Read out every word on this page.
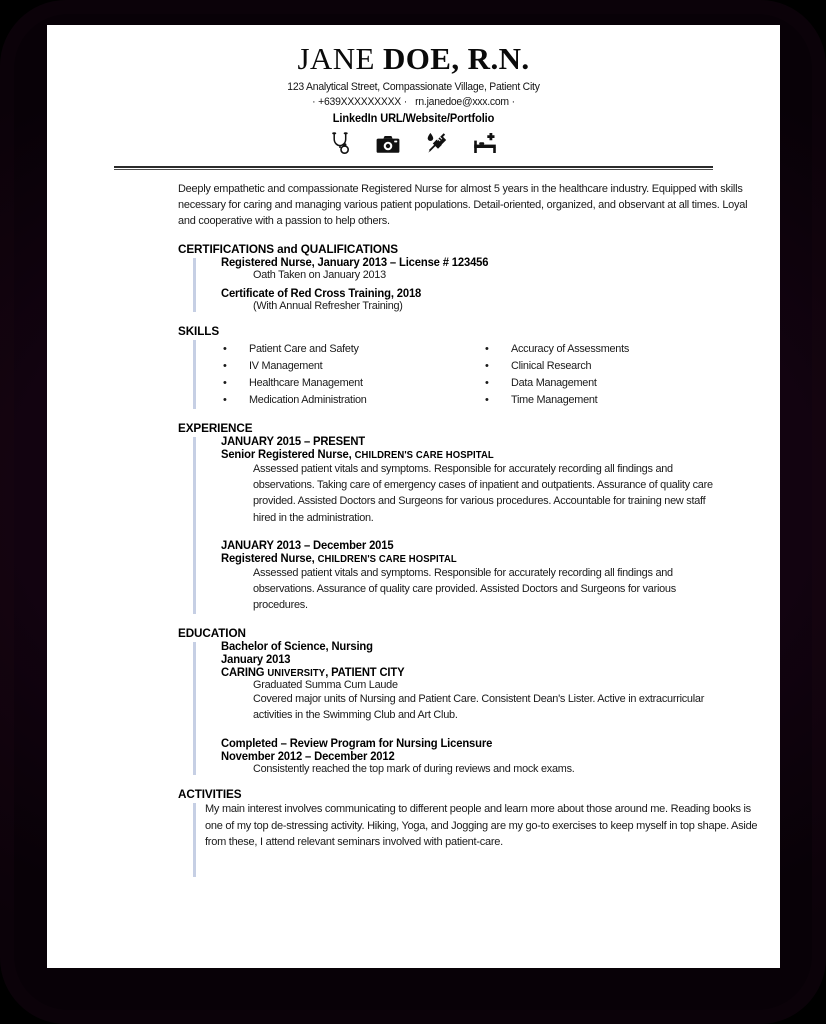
JANE DOE, R.N.
123 Analytical Street, Compassionate Village, Patient City
· +639XXXXXXXXX · rn.janedoe@xxx.com ·
LinkedIn URL/Website/Portfolio
Deeply empathetic and compassionate Registered Nurse for almost 5 years in the healthcare industry. Equipped with skills necessary for caring and managing various patient populations. Detail-oriented, organized, and observant at all times. Loyal and cooperative with a passion to help others.
CERTIFICATIONS and QUALIFICATIONS
Registered Nurse, January 2013 – License # 123456
Oath Taken on January 2013
Certificate of Red Cross Training, 2018
(With Annual Refresher Training)
SKILLS
•	Patient Care and Safety
•	IV Management
•	Healthcare Management
•	Medication Administration
•	Accuracy of Assessments
•	Clinical Research
•	Data Management
•	Time Management
EXPERIENCE
JANUARY 2015 – PRESENT
Senior Registered Nurse, CHILDREN'S CARE HOSPITAL
Assessed patient vitals and symptoms. Responsible for accurately recording all findings and observations. Taking care of emergency cases of inpatient and outpatients. Assurance of quality care provided. Assisted Doctors and Surgeons for various procedures. Accountable for training new staff hired in the administration.
JANUARY 2013 – December 2015
Registered Nurse, CHILDREN'S CARE HOSPITAL
Assessed patient vitals and symptoms. Responsible for accurately recording all findings and observations. Assurance of quality care provided. Assisted Doctors and Surgeons for various procedures.
EDUCATION
Bachelor of Science, Nursing
January 2013
CARING UNIVERSITY, PATIENT CITY
Graduated Summa Cum Laude
Covered major units of Nursing and Patient Care. Consistent Dean's Lister. Active in extracurricular activities in the Swimming Club and Art Club.
Completed – Review Program for Nursing Licensure
November 2012 – December 2012
Consistently reached the top mark of during reviews and mock exams.
ACTIVITIES
My main interest involves communicating to different people and learn more about those around me. Reading books is one of my top de-stressing activity. Hiking, Yoga, and Jogging are my go-to exercises to keep myself in top shape. Aside from these, I attend relevant seminars involved with patient-care.
